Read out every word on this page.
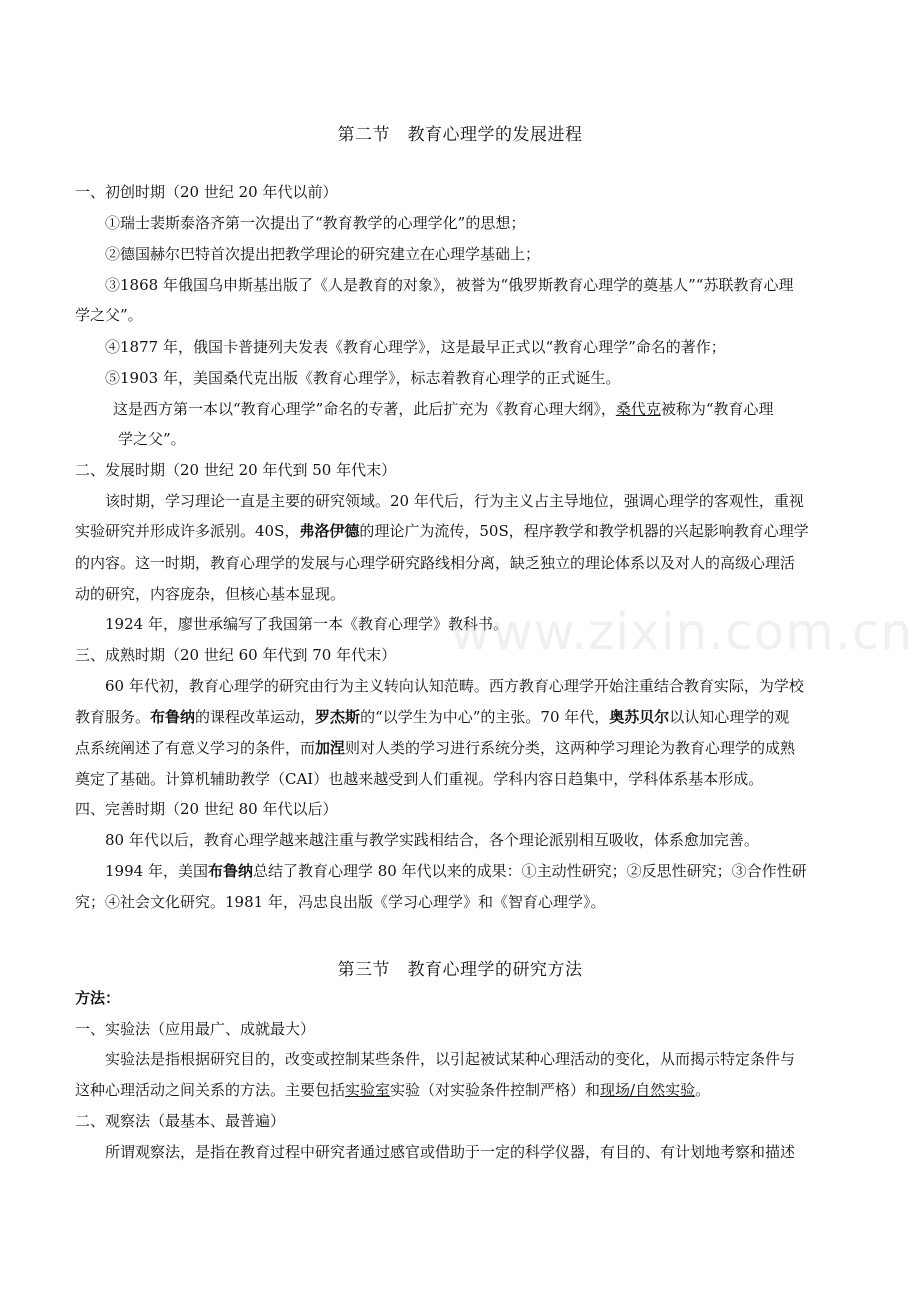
第二节　教育心理学的发展进程
一、初创时期（20 世纪 20 年代以前）
①瑞士裴斯泰洛齐第一次提出了“教育教学的心理学化”的思想；
②德国赫尔巴特首次提出把教学理论的研究建立在心理学基础上；
③1868 年俄国乌申斯基出版了《人是教育的对象》，被誉为“俄罗斯教育心理学的奠基人”“苏联教育心理
学之父”。
④1877 年，俄国卡普捷列夫发表《教育心理学》，这是最早正式以“教育心理学”命名的著作；
⑤1903 年，美国桑代克出版《教育心理学》，标志着教育心理学的正式诞生。
这是西方第一本以“教育心理学”命名的专著，此后扩充为《教育心理大纲》，桑代克被称为“教育心理
学之父”。
二、发展时期（20 世纪 20 年代到 50 年代末）
该时期，学习理论一直是主要的研究领域。20 年代后，行为主义占主导地位，强调心理学的客观性，重视
实验研究并形成许多派别。40S，弗洛伊德的理论广为流传，50S，程序教学和教学机器的兴起影响教育心理学
的内容。这一时期，教育心理学的发展与心理学研究路线相分离，缺乏独立的理论体系以及对人的高级心理活
动的研究，内容庞杂，但核心基本显现。
1924 年，廖世承编写了我国第一本《教育心理学》教科书。
三、成熟时期（20 世纪 60 年代到 70 年代末）
60 年代初，教育心理学的研究由行为主义转向认知范畴。西方教育心理学开始注重结合教育实际，为学校
教育服务。布鲁纳的课程改革运动，罗杰斯的“以学生为中心”的主张。70 年代，奥苏贝尔以认知心理学的观
点系统阐述了有意义学习的条件，而加涅则对人类的学习进行系统分类，这两种学习理论为教育心理学的成熟
奠定了基础。计算机辅助教学（CAI）也越来越受到人们重视。学科内容日趋集中，学科体系基本形成。
四、完善时期（20 世纪 80 年代以后）
80 年代以后，教育心理学越来越注重与教学实践相结合，各个理论派别相互吸收，体系愈加完善。
1994 年，美国布鲁纳总结了教育心理学 80 年代以来的成果：①主动性研究；②反思性研究；③合作性研
究；④社会文化研究。1981 年，冯忠良出版《学习心理学》和《智育心理学》。
第三节　教育心理学的研究方法
方法：
一、实验法（应用最广、成就最大）
实验法是指根据研究目的，改变或控制某些条件，以引起被试某种心理活动的变化，从而揭示特定条件与
这种心理活动之间关系的方法。主要包括实验室实验（对实验条件控制严格）和现场/自然实验。
二、观察法（最基本、最普遍）
所谓观察法，是指在教育过程中研究者通过感官或借助于一定的科学仪器，有目的、有计划地考察和描述
www.zixin.com.cn
